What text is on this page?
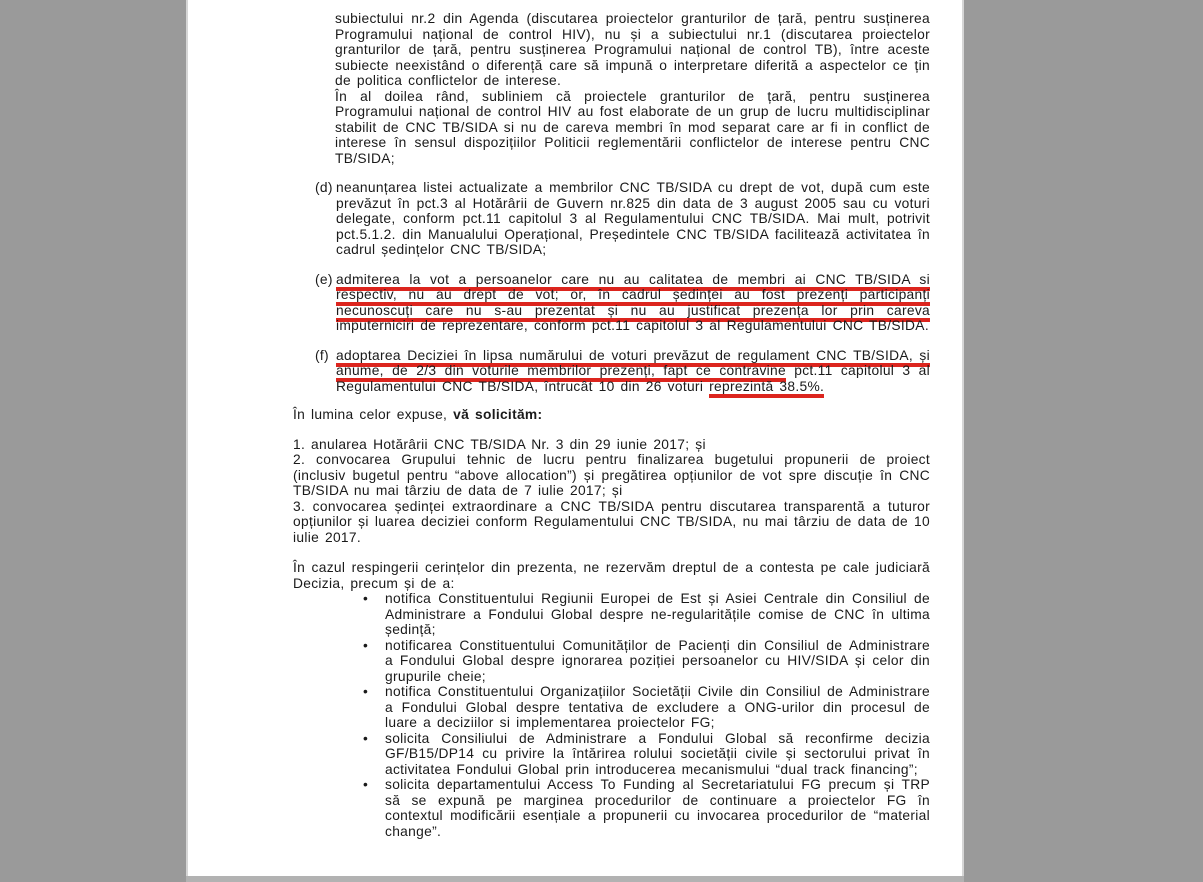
subiectului nr.2 din Agenda (discutarea proiectelor granturilor de țară, pentru susținerea Programului național de control HIV), nu și a subiectului nr.1 (discutarea proiectelor granturilor de țară, pentru susținerea Programului național de control TB), între aceste subiecte neexistând o diferență care să impună o interpretare diferită a aspectelor ce țin de politica conflictelor de interese.
În al doilea rând, subliniem că proiectele granturilor de țară, pentru susținerea Programului național de control HIV au fost elaborate de un grup de lucru multidisciplinar stabilit de CNC TB/SIDA si nu de careva membri în mod separat care ar fi in conflict de interese în sensul dispozițiilor Politicii reglementării conflictelor de interese pentru CNC TB/SIDA;
(d) neanunțarea listei actualizate a membrilor CNC TB/SIDA cu drept de vot, după cum este prevăzut în pct.3 al Hotărârii de Guvern nr.825 din data de 3 august 2005 sau cu voturi delegate, conform pct.11 capitolul 3 al Regulamentului CNC TB/SIDA. Mai mult, potrivit pct.5.1.2. din Manualului Operațional, Președintele CNC TB/SIDA facilitează activitatea în cadrul ședințelor CNC TB/SIDA;
(e) admiterea la vot a persoanelor care nu au calitatea de membri ai CNC TB/SIDA si respectiv, nu au drept de vot; or, în cadrul ședinței au fost prezenți participanți necunoscuți care nu s-au prezentat și nu au justificat prezența lor prin careva imputerniciri de reprezentare, conform pct.11 capitolul 3 al Regulamentului CNC TB/SIDA.
(f) adoptarea Deciziei în lipsa numărului de voturi prevăzut de regulament CNC TB/SIDA, și anume, de 2/3 din voturile membrilor prezenți, fapt ce contravine pct.11 capitolul 3 al Regulamentului CNC TB/SIDA, întrucât 10 din 26 voturi reprezintă 38.5%.
În lumina celor expuse, vă solicităm:
1. anularea Hotărârii CNC TB/SIDA Nr. 3 din 29 iunie 2017; și
2. convocarea Grupului tehnic de lucru pentru finalizarea bugetului propunerii de proiect (inclusiv bugetul pentru “above allocation”) și pregătirea opțiunilor de vot spre discuție în CNC TB/SIDA nu mai târziu de data de 7 iulie 2017; și
3. convocarea ședinței extraordinare a CNC TB/SIDA pentru discutarea transparentă a tuturor opțiunilor și luarea deciziei conform Regulamentului CNC TB/SIDA, nu mai târziu de data de 10 iulie 2017.
În cazul respingerii cerințelor din prezenta, ne rezervăm dreptul de a contesta pe cale judiciară Decizia, precum și de a:
•	notifica Constituentului Regiunii Europei de Est și Asiei Centrale din Consiliul de Administrare a Fondului Global despre ne-regularitățile comise de CNC în ultima ședință;
•	notificarea Constituentului Comunităților de Pacienți din Consiliul de Administrare a Fondului Global despre ignorarea poziției persoanelor cu HIV/SIDA și celor din grupurile cheie;
•	notifica Constituentului Organizațiilor Societății Civile din Consiliul de Administrare a Fondului Global despre tentativa de excludere a ONG-urilor din procesul de luare a deciziilor si implementarea proiectelor FG;
•	solicita Consiliului de Administrare a Fondului Global să reconfirme decizia GF/B15/DP14 cu privire la întărirea rolului societății civile și sectorului privat în activitatea Fondului Global prin introducerea mecanismului “dual track financing”;
•	solicita departamentului Access To Funding al Secretariatului FG precum și TRP să se expună pe marginea procedurilor de continuare a proiectelor FG în contextul modificării esențiale a propunerii cu invocarea procedurilor de “material change”.
